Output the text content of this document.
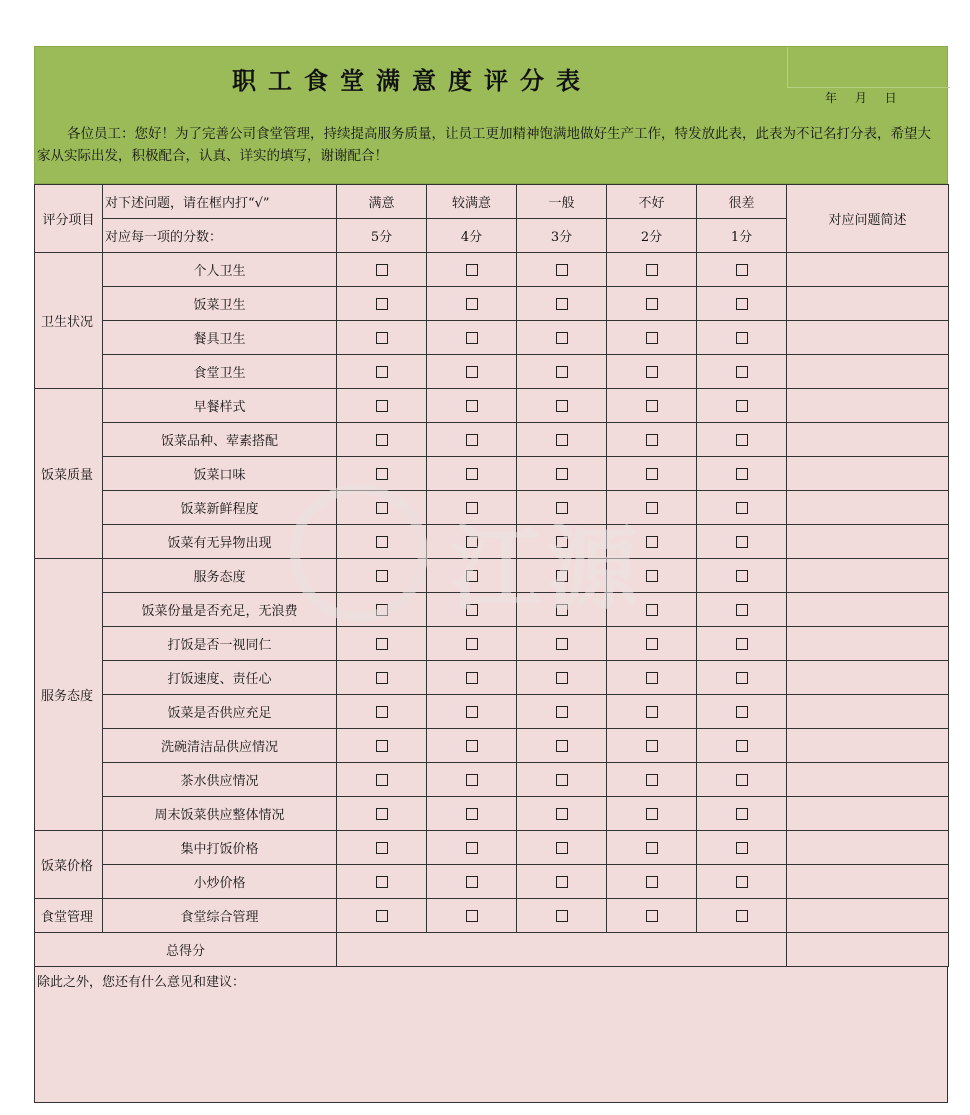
职工食堂满意度评分表
年 月 日
各位员工：您好！为了完善公司食堂管理，持续提高服务质量，让员工更加精神饱满地做好生产工作，特发放此表，此表为不记名打分表，希望大家从实际出发，积极配合，认真、详实的填写，谢谢配合！
评分项目	对下述问题，请在框内打“√”	满意	较满意	一般	不好	很差	对应问题简述
	对应每一项的分数：	5分	4分	3分	2分	1分	
卫生状况	个人卫生						
	饭菜卫生						
	餐具卫生						
	食堂卫生						
饭菜质量	早餐样式						
	饭菜品种、荤素搭配						
	饭菜口味						
	饭菜新鲜程度						
	饭菜有无异物出现						
服务态度	服务态度						
	饭菜份量是否充足，无浪费						
	打饭是否一视同仁						
	打饭速度、责任心						
	饭菜是否供应充足						
	洗碗清洁品供应情况						
	茶水供应情况						
	周末饭菜供应整体情况						
饭菜价格	集中打饭价格						
	小炒价格						
食堂管理	食堂综合管理						
总得分							
除此之外，您还有什么意见和建议：
江源
